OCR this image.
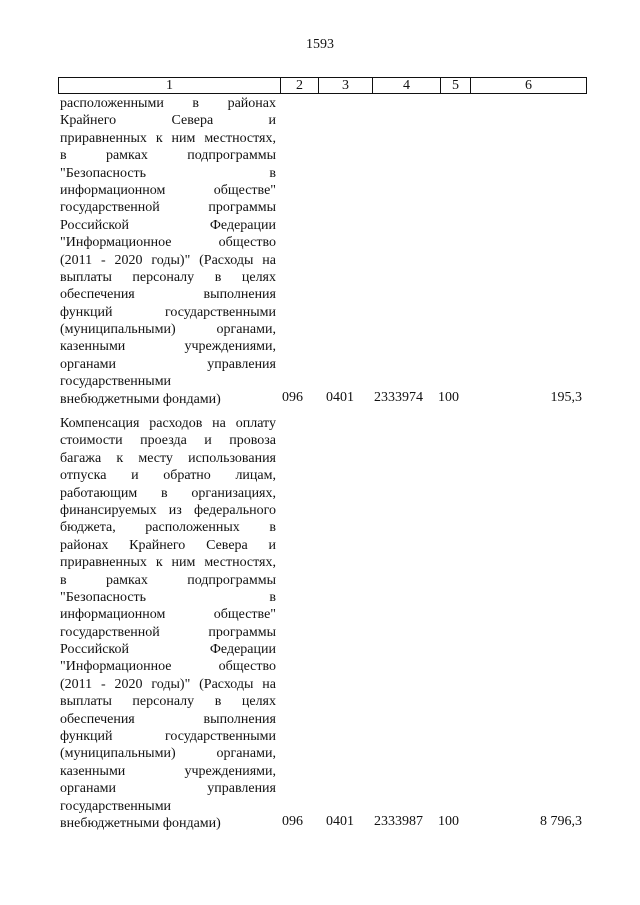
1593
1	2	3	4	5	6
расположенными в районах
Крайнего Севера и
приравненных к ним местностях,
в рамках подпрограммы
"Безопасность в
информационном обществе"
государственной программы
Российской Федерации
"Информационное общество
(2011 - 2020 годы)" (Расходы на
выплаты персоналу в целях
обеспечения выполнения
функций государственными
(муниципальными) органами,
казенными учреждениями,
органами управления
государственными
внебюджетными фондами)	096 0401 2333974 100	195,3
Компенсация расходов на оплату
стоимости проезда и провоза
багажа к месту использования
отпуска и обратно лицам,
работающим в организациях,
финансируемых из федерального
бюджета, расположенных в
районах Крайнего Севера и
приравненных к ним местностях,
в рамках подпрограммы
"Безопасность в
информационном обществе"
государственной программы
Российской Федерации
"Информационное общество
(2011 - 2020 годы)" (Расходы на
выплаты персоналу в целях
обеспечения выполнения
функций государственными
(муниципальными) органами,
казенными учреждениями,
органами управления
государственными
внебюджетными фондами)	096 0401 2333987 100	8 796,3
